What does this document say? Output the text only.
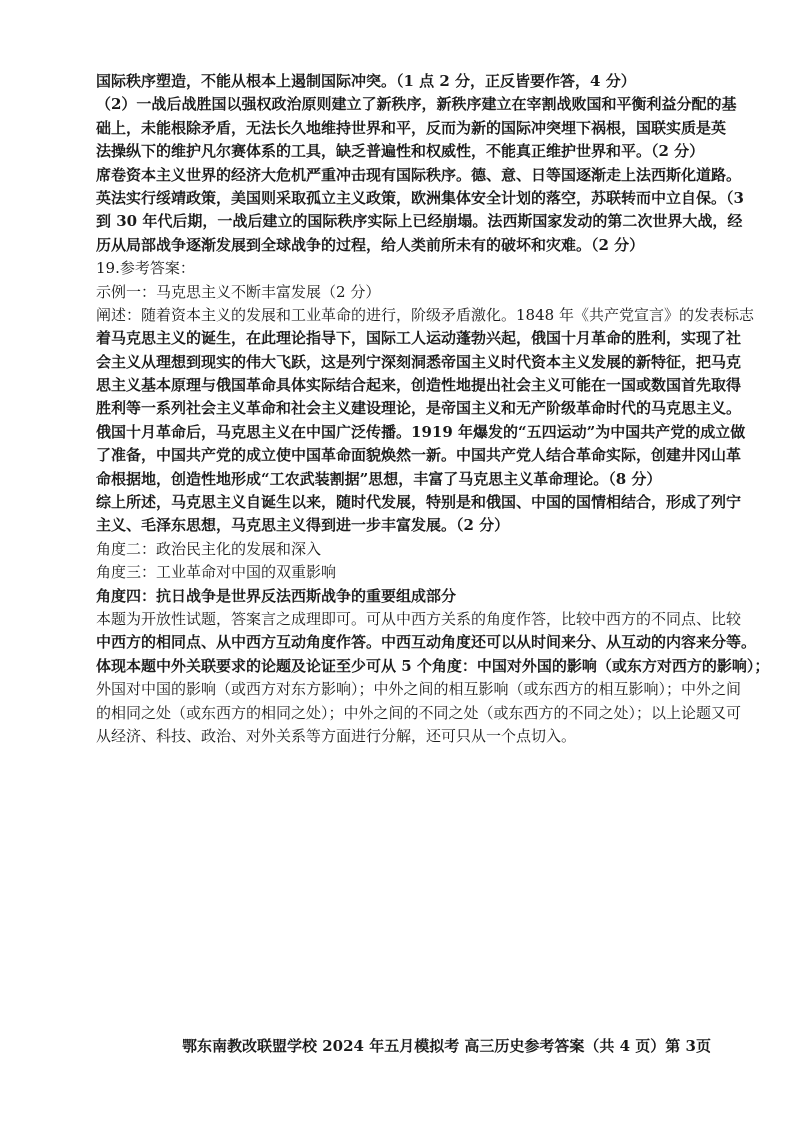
国际秩序塑造，不能从根本上遏制国际冲突。（1 点 2 分，正反皆要作答，4 分）
（2）一战后战胜国以强权政治原则建立了新秩序，新秩序建立在宰割战败国和平衡利益分配的基
础上，未能根除矛盾，无法长久地维持世界和平，反而为新的国际冲突埋下祸根，国联实质是英
法操纵下的维护凡尔赛体系的工具，缺乏普遍性和权威性，不能真正维护世界和平。（2 分）
席卷资本主义世界的经济大危机严重冲击现有国际秩序。德、意、日等国逐渐走上法西斯化道路。
英法实行绥靖政策，美国则采取孤立主义政策，欧洲集体安全计划的落空，苏联转而中立自保。（3
到 30 年代后期，一战后建立的国际秩序实际上已经崩塌。法西斯国家发动的第二次世界大战，经
历从局部战争逐渐发展到全球战争的过程，给人类前所未有的破坏和灾难。（2 分）
19.参考答案：
示例一：马克思主义不断丰富发展（2 分）
阐述：随着资本主义的发展和工业革命的进行，阶级矛盾激化。1848 年《共产党宣言》的发表标志
着马克思主义的诞生，在此理论指导下，国际工人运动蓬勃兴起，俄国十月革命的胜利，实现了社
会主义从理想到现实的伟大飞跃，这是列宁深刻洞悉帝国主义时代资本主义发展的新特征，把马克
思主义基本原理与俄国革命具体实际结合起来，创造性地提出社会主义可能在一国或数国首先取得
胜利等一系列社会主义革命和社会主义建设理论，是帝国主义和无产阶级革命时代的马克思主义。
俄国十月革命后，马克思主义在中国广泛传播。1919 年爆发的“五四运动”为中国共产党的成立做
了准备，中国共产党的成立使中国革命面貌焕然一新。中国共产党人结合革命实际，创建井冈山革
命根据地，创造性地形成“工农武装割据”思想，丰富了马克思主义革命理论。（8 分）
综上所述，马克思主义自诞生以来，随时代发展，特别是和俄国、中国的国情相结合，形成了列宁
主义、毛泽东思想，马克思主义得到进一步丰富发展。（2 分）
角度二：政治民主化的发展和深入
角度三：工业革命对中国的双重影响
角度四：抗日战争是世界反法西斯战争的重要组成部分
本题为开放性试题，答案言之成理即可。可从中西方关系的角度作答，比较中西方的不同点、比较
中西方的相同点、从中西方互动角度作答。中西互动角度还可以从时间来分、从互动的内容来分等。
体现本题中外关联要求的论题及论证至少可从 5 个角度：中国对外国的影响（或东方对西方的影响）；
外国对中国的影响（或西方对东方影响）；中外之间的相互影响（或东西方的相互影响）；中外之间
的相同之处（或东西方的相同之处）；中外之间的不同之处（或东西方的不同之处）；以上论题又可
从经济、科技、政治、对外关系等方面进行分解，还可只从一个点切入。
鄂东南教改联盟学校 2024 年五月模拟考 高三历史参考答案（共 4 页）第 3页
